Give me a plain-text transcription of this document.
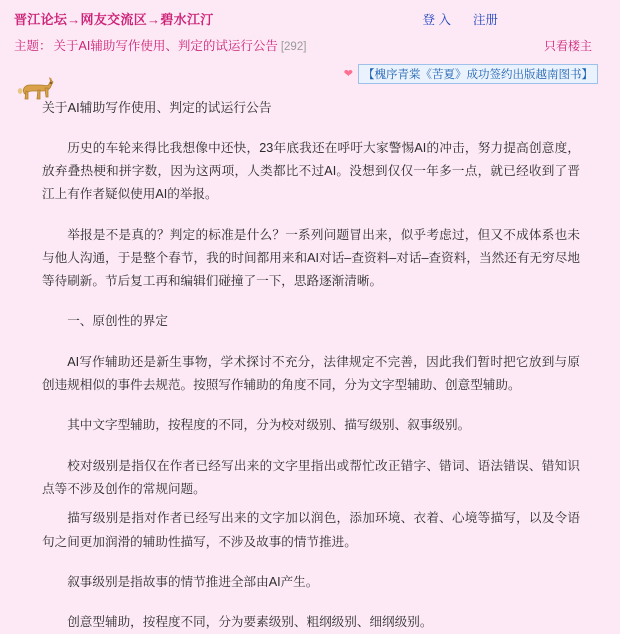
晋江论坛→网友交流区→碧水江汀	登 入 注册
主题： 关于AI辅助写作使用、判定的试运行公告 [292]	只看楼主
❤ 【槐序青棠《苦夏》成功签约出版越南图书】
关于AI辅助写作使用、判定的试运行公告

历史的车轮来得比我想像中还快，23年底我还在呼吁大家警惕AI的冲击，努力提高创意度，放弃叠热梗和拼字数，因为这两项，人类都比不过AI。没想到仅仅一年多一点，就已经收到了晋江上有作者疑似使用AI的举报。

举报是不是真的？判定的标准是什么？一系列问题冒出来，似乎考虑过，但又不成体系也未与他人沟通，于是整个春节，我的时间都用来和AI对话–查资料–对话–查资料，当然还有无穷尽地等待刷新。节后复工再和编辑们碰撞了一下，思路逐渐清晰。

一、原创性的界定

AI写作辅助还是新生事物，学术探讨不充分，法律规定不完善，因此我们暂时把它放到与原创违规相似的事件去规范。按照写作辅助的角度不同，分为文字型辅助、创意型辅助。

其中文字型辅助，按程度的不同，分为校对级别、描写级别、叙事级别。

校对级别是指仅在作者已经写出来的文字里指出或帮忙改正错字、错词、语法错误、错知识点等不涉及创作的常规问题。

描写级别是指对作者已经写出来的文字加以润色，添加环境、衣着、心境等描写，以及令语句之间更加润滑的辅助性描写，不涉及故事的情节推进。

叙事级别是指故事的情节推进全部由AI产生。

创意型辅助，按程度不同，分为要素级别、粗纲级别、细纲级别。
